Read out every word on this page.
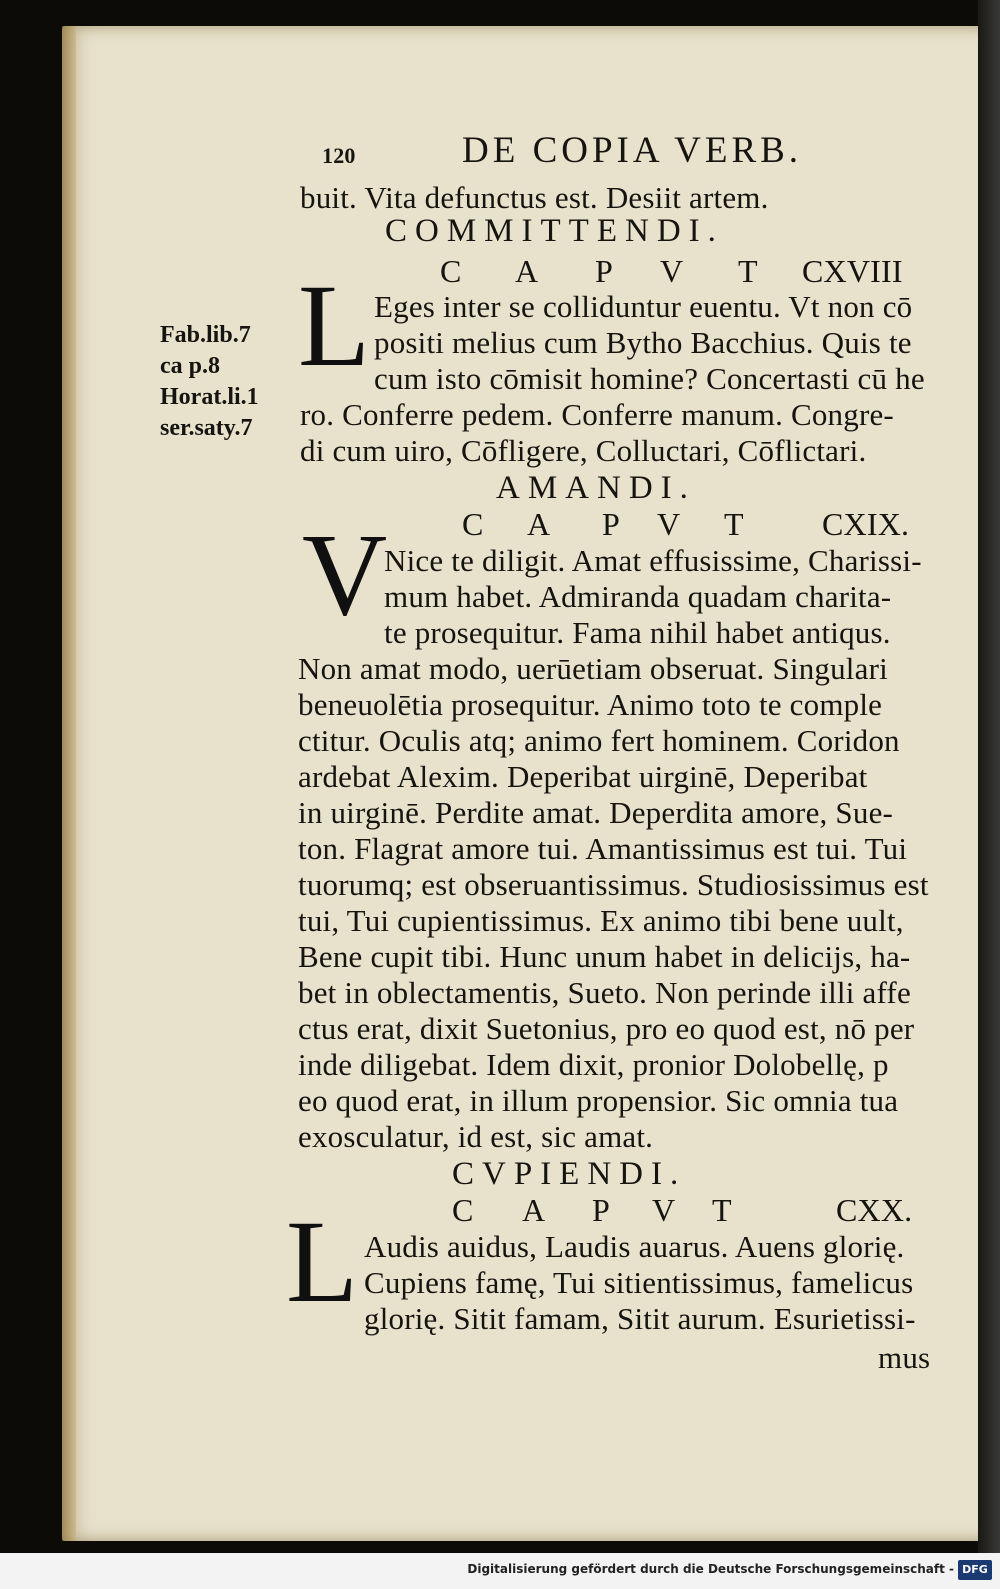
120	DE COPIA VERB.
Fab.lib.7
ca p.8
Horat.li.1
ser.saty.7
buit. Vita defunctus est. Desiit artem.
COMMITTENDI.
C A P V T CXVIII
L Eges inter se colliduntur euentu. Vt non cō
positi melius cum Bytho Bacchius. Quis te
cum isto cōmisit homine? Concertasti cū he
ro. Conferre pedem. Conferre manum. Congre-
di cum uiro, Cōfligere, Colluctari, Cōflictari.
AMANDI.
C A P V T CXIX.
V
Nice te diligit. Amat effusissime, Charissi-
mum habet. Admiranda quadam charita-
te prosequitur. Fama nihil habet antiqus.
Non amat modo, uerūetiam obseruat. Singulari
beneuolētia prosequitur. Animo toto te comple
ctitur. Oculis atq; animo fert hominem. Coridon
ardebat Alexim. Deperibat uirginē, Deperibat
in uirginē. Perdite amat. Deperdita amore, Sue-
ton. Flagrat amore tui. Amantissimus est tui. Tui
tuorumq; est obseruantissimus. Studiosissimus est
tui, Tui cupientissimus. Ex animo tibi bene uult,
Bene cupit tibi. Hunc unum habet in delicijs, ha-
bet in oblectamentis, Sueto. Non perinde illi affe
ctus erat, dixit Suetonius, pro eo quod est, nō per
inde diligebat. Idem dixit, pronior Dolobellę, p
eo quod erat, in illum propensior. Sic omnia tua
exosculatur, id est, sic amat.
CVPIENDI.
C A P V T	CXX.
L Audis auidus, Laudis auarus. Auens glorię.
Cupiens famę, Tui sitientissimus, famelicus
glorię. Sitit famam, Sitit aurum. Esurietissi-
mus
Digitalisierung gefördert durch die Deutsche Forschungsgemeinschaft - DFG
